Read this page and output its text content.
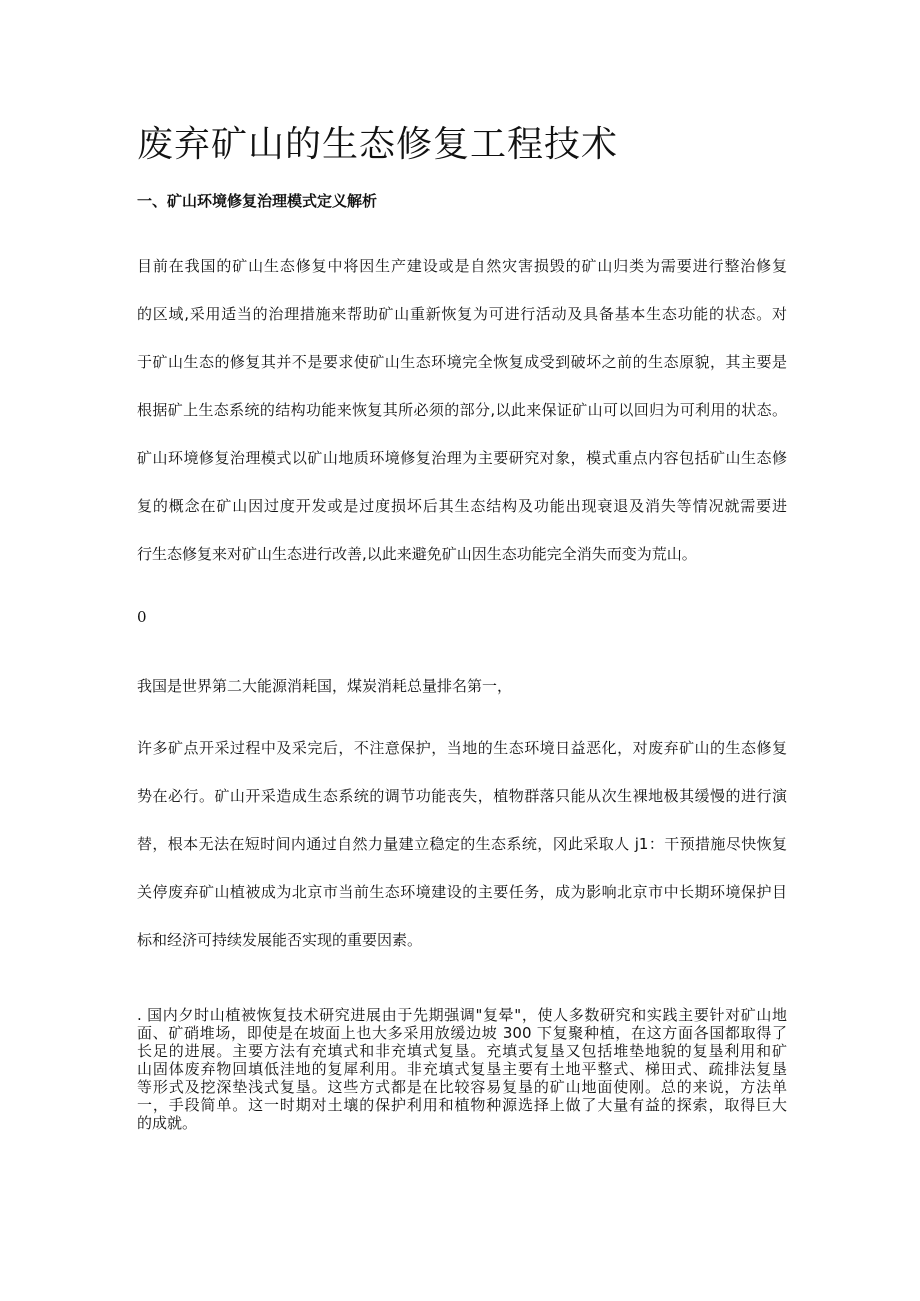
废弃矿山的生态修复工程技术
一、矿山环境修复治理模式定义解析

目前在我国的矿山生态修复中将因生产建设或是自然灾害损毁的矿山归类为需要进行整治修复

的区域,采用适当的治理措施来帮助矿山重新恢复为可进行活动及具备基本生态功能的状态。对

于矿山生态的修复其并不是要求使矿山生态环境完全恢复成受到破坏之前的生态原貌，其主要是

根据矿上生态系统的结构功能来恢复其所必须的部分,以此来保证矿山可以回归为可利用的状态。

矿山环境修复治理模式以矿山地质环境修复治理为主要研究对象，模式重点内容包括矿山生态修

复的概念在矿山因过度开发或是过度损坏后其生态结构及功能出现衰退及消失等情况就需要进

行生态修复来对矿山生态进行改善,以此来避免矿山因生态功能完全消失而变为荒山。

0
我国是世界第二大能源消耗国，煤炭消耗总量排名第一，

许多矿点开采过程中及采完后，不注意保护，当地的生态环境日益恶化，对废弃矿山的生态修复

势在必行。矿山开采造成生态系统的调节功能丧失，植物群落只能从次生裸地极其缓慢的进行演

替，根本无法在短时间内通过自然力量建立稳定的生态系统，冈此采取人 j1：干预措施尽快恢复

关停废弃矿山植被成为北京市当前生态环境建设的主要任务，成为影响北京市中长期环境保护目

标和经济可持续发展能否实现的重要因素。

. 国内夕时山植被恢复技术研究进展由于先期强调"复晕"，使人多数研究和实践主要针对矿山地

面、矿硝堆场，即使是在坡面上也大多采用放缓边坡 300 下复聚种植，在这方面各国都取得了

长足的进展。主要方法有充填式和非充填式复垦。充填式复垦又包括堆垫地貌的复垦利用和矿

山固体废弃物回填低洼地的复犀利用。非充填式复垦主要有土地平整式、梯田式、疏排法复垦

等形式及挖深垫浅式复垦。这些方式都是在比较容易复垦的矿山地面使刚。总的来说，方法单

一，手段简单。这一时期对土壤的保护利用和植物种源选择上做了大量有益的探索，取得巨大

的成就。
